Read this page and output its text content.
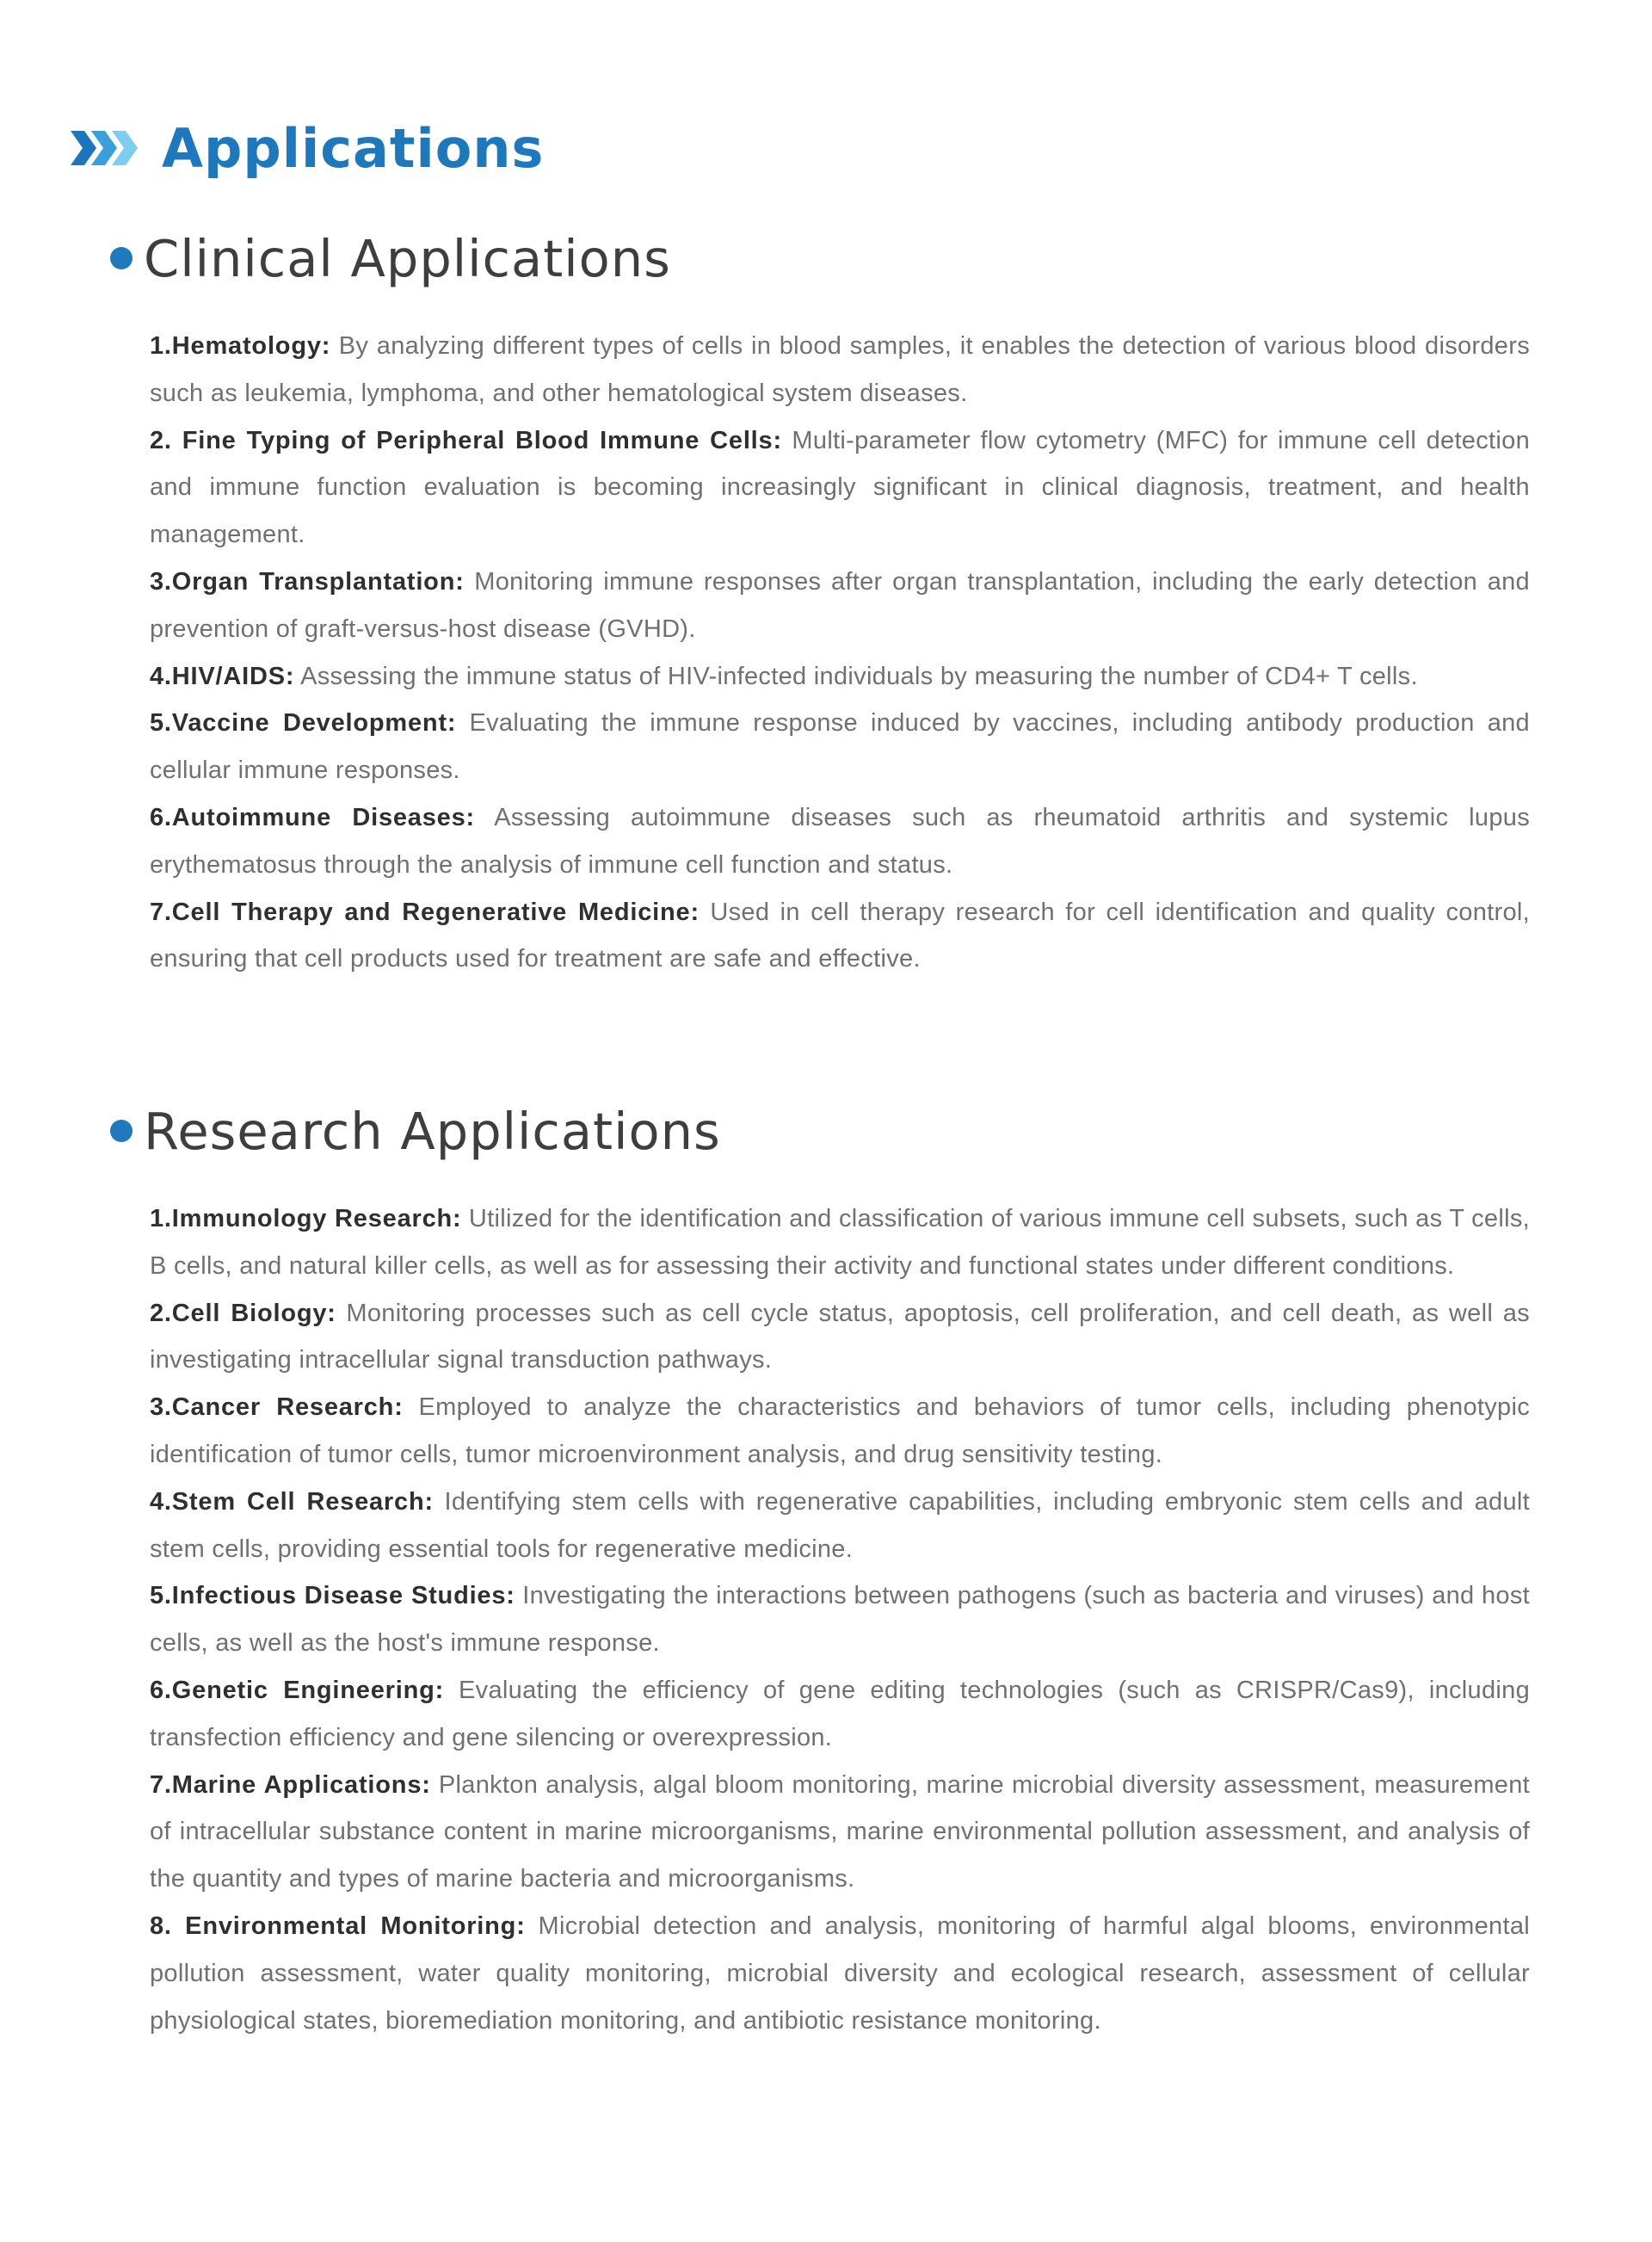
Applications
Clinical Applications

1.Hematology: By analyzing different types of cells in blood samples, it enables the detection of various blood disorders such as leukemia, lymphoma, and other hematological system diseases.

2. Fine Typing of Peripheral Blood Immune Cells: Multi-parameter flow cytometry (MFC) for immune cell detection and immune function evaluation is becoming increasingly significant in clinical diagnosis, treatment, and health management.

3.Organ Transplantation: Monitoring immune responses after organ transplantation, including the early detection and prevention of graft-versus-host disease (GVHD).

4.HIV/AIDS: Assessing the immune status of HIV-infected individuals by measuring the number of CD4+ T cells.

5.Vaccine Development: Evaluating the immune response induced by vaccines, including antibody production and cellular immune responses.

6.Autoimmune Diseases: Assessing autoimmune diseases such as rheumatoid arthritis and systemic lupus erythematosus through the analysis of immune cell function and status.

7.Cell Therapy and Regenerative Medicine: Used in cell therapy research for cell identification and quality control, ensuring that cell products used for treatment are safe and effective.

Research Applications

1.Immunology Research: Utilized for the identification and classification of various immune cell subsets, such as T cells, B cells, and natural killer cells, as well as for assessing their activity and functional states under different conditions.

2.Cell Biology: Monitoring processes such as cell cycle status, apoptosis, cell proliferation, and cell death, as well as investigating intracellular signal transduction pathways.

3.Cancer Research: Employed to analyze the characteristics and behaviors of tumor cells, including phenotypic identification of tumor cells, tumor microenvironment analysis, and drug sensitivity testing.

4.Stem Cell Research: Identifying stem cells with regenerative capabilities, including embryonic stem cells and adult stem cells, providing essential tools for regenerative medicine.

5.Infectious Disease Studies: Investigating the interactions between pathogens (such as bacteria and viruses) and host cells, as well as the host's immune response.

6.Genetic Engineering: Evaluating the efficiency of gene editing technologies (such as CRISPR/Cas9), including transfection efficiency and gene silencing or overexpression.

7.Marine Applications: Plankton analysis, algal bloom monitoring, marine microbial diversity assessment, measurement of intracellular substance content in marine microorganisms, marine environmental pollution assessment, and analysis of the quantity and types of marine bacteria and microorganisms.

8. Environmental Monitoring: Microbial detection and analysis, monitoring of harmful algal blooms, environmental pollution assessment, water quality monitoring, microbial diversity and ecological research, assessment of cellular physiological states, bioremediation monitoring, and antibiotic resistance monitoring.
